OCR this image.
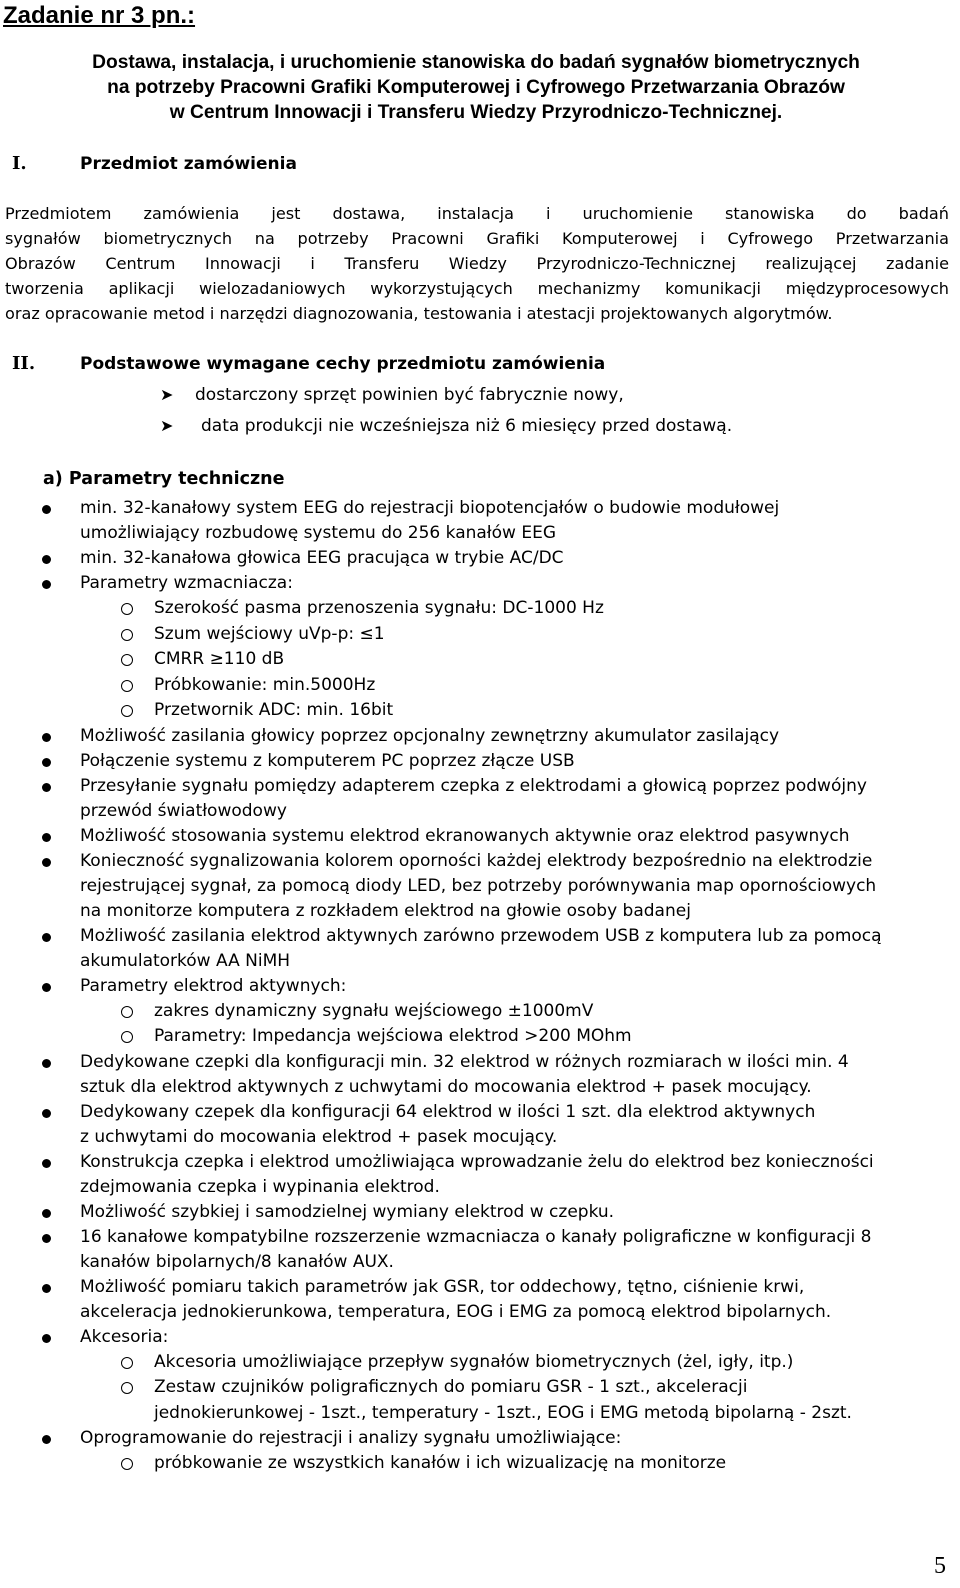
Zadanie nr 3 pn.:
Dostawa, instalacja, i uruchomienie stanowiska do badań sygnałów biometrycznych
na potrzeby Pracowni Grafiki Komputerowej i Cyfrowego Przetwarzania Obrazów
w Centrum Innowacji i Transferu Wiedzy Przyrodniczo-Technicznej.
I.	Przedmiot zamówienia
Przedmiotem zamówienia jest dostawa, instalacja i uruchomienie stanowiska do badań
sygnałów biometrycznych na potrzeby Pracowni Grafiki Komputerowej i Cyfrowego Przetwarzania
Obrazów Centrum Innowacji i Transferu Wiedzy Przyrodniczo-Technicznej realizującej zadanie
tworzenia aplikacji wielozadaniowych wykorzystujących mechanizmy komunikacji międzyprocesowych
oraz opracowanie metod i narzędzi diagnozowania, testowania i atestacji projektowanych algorytmów.
II.	Podstawowe wymagane cechy przedmiotu zamówienia
➤ dostarczony sprzęt powinien być fabrycznie nowy,
➤ data produkcji nie wcześniejsza niż 6 miesięcy przed dostawą.
a) Parametry techniczne
min. 32-kanałowy system EEG do rejestracji biopotencjałów o budowie modułowej
umożliwiający rozbudowę systemu do 256 kanałów EEG
min. 32-kanałowa głowica EEG pracująca w trybie AC/DC
Parametry wzmacniacza:
Szerokość pasma przenoszenia sygnału: DC-1000 Hz
Szum wejściowy uVp-p: ≤1
CMRR ≥110 dB
Próbkowanie: min.5000Hz
Przetwornik ADC: min. 16bit
Możliwość zasilania głowicy poprzez opcjonalny zewnętrzny akumulator zasilający
Połączenie systemu z komputerem PC poprzez złącze USB
Przesyłanie sygnału pomiędzy adapterem czepka z elektrodami a głowicą poprzez podwójny
przewód światłowodowy
Możliwość stosowania systemu elektrod ekranowanych aktywnie oraz elektrod pasywnych
Konieczność sygnalizowania kolorem oporności każdej elektrody bezpośrednio na elektrodzie
rejestrującej sygnał, za pomocą diody LED, bez potrzeby porównywania map opornościowych
na monitorze komputera z rozkładem elektrod na głowie osoby badanej
Możliwość zasilania elektrod aktywnych zarówno przewodem USB z komputera lub za pomocą
akumulatorków AA NiMH
Parametry elektrod aktywnych:
zakres dynamiczny sygnału wejściowego ±1000mV
Parametry: Impedancja wejściowa elektrod >200 MOhm
Dedykowane czepki dla konfiguracji min. 32 elektrod w różnych rozmiarach w ilości min. 4
sztuk dla elektrod aktywnych z uchwytami do mocowania elektrod + pasek mocujący.
Dedykowany czepek dla konfiguracji 64 elektrod w ilości 1 szt. dla elektrod aktywnych
z uchwytami do mocowania elektrod + pasek mocujący.
Konstrukcja czepka i elektrod umożliwiająca wprowadzanie żelu do elektrod bez konieczności
zdejmowania czepka i wypinania elektrod.
Możliwość szybkiej i samodzielnej wymiany elektrod w czepku.
16 kanałowe kompatybilne rozszerzenie wzmacniacza o kanały poligraficzne w konfiguracji 8
kanałów bipolarnych/8 kanałów AUX.
Możliwość pomiaru takich parametrów jak GSR, tor oddechowy, tętno, ciśnienie krwi,
akceleracja jednokierunkowa, temperatura, EOG i EMG za pomocą elektrod bipolarnych.
Akcesoria:
Akcesoria umożliwiające przepływ sygnałów biometrycznych (żel, igły, itp.)
Zestaw czujników poligraficznych do pomiaru GSR - 1 szt., akceleracji
jednokierunkowej - 1szt., temperatury - 1szt., EOG i EMG metodą bipolarną - 2szt.
Oprogramowanie do rejestracji i analizy sygnału umożliwiające:
próbkowanie ze wszystkich kanałów i ich wizualizację na monitorze
5
